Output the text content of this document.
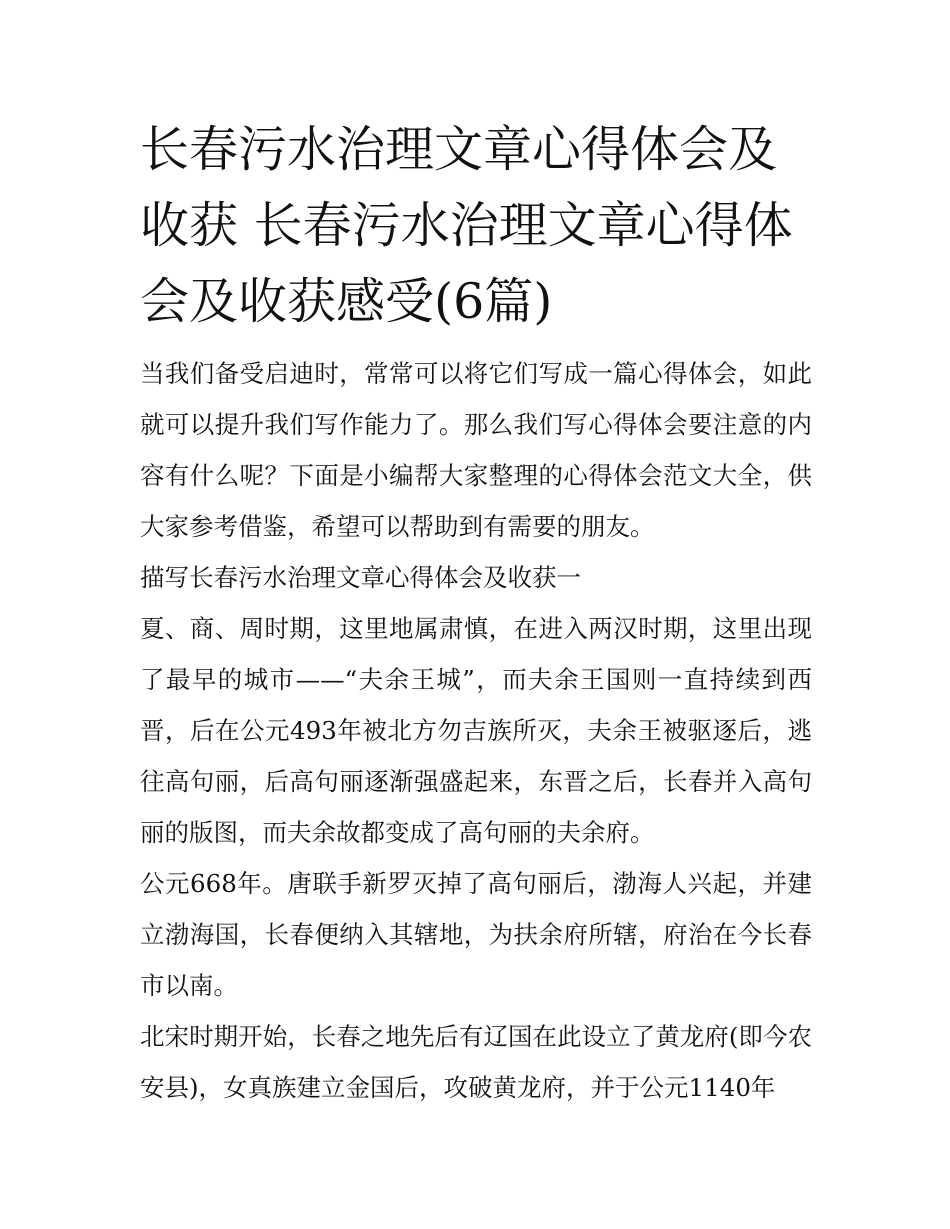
长春污水治理文章心得体会及收获 长春污水治理文章心得体会及收获感受(6篇)

当我们备受启迪时，常常可以将它们写成一篇心得体会，如此就可以提升我们写作能力了。那么我们写心得体会要注意的内容有什么呢？下面是小编帮大家整理的心得体会范文大全，供大家参考借鉴，希望可以帮助到有需要的朋友。

描写长春污水治理文章心得体会及收获一

夏、商、周时期，这里地属肃慎，在进入两汉时期，这里出现了最早的城市——“夫余王城”，而夫余王国则一直持续到西晋，后在公元493年被北方勿吉族所灭，夫余王被驱逐后，逃往高句丽，后高句丽逐渐强盛起来，东晋之后，长春并入高句丽的版图，而夫余故都变成了高句丽的夫余府。

公元668年。唐联手新罗灭掉了高句丽后，渤海人兴起，并建立渤海国，长春便纳入其辖地，为扶余府所辖，府治在今长春市以南。

北宋时期开始，长春之地先后有辽国在此设立了黄龙府(即今农安县)，女真族建立金国后，攻破黄龙府，并于公元1140年
